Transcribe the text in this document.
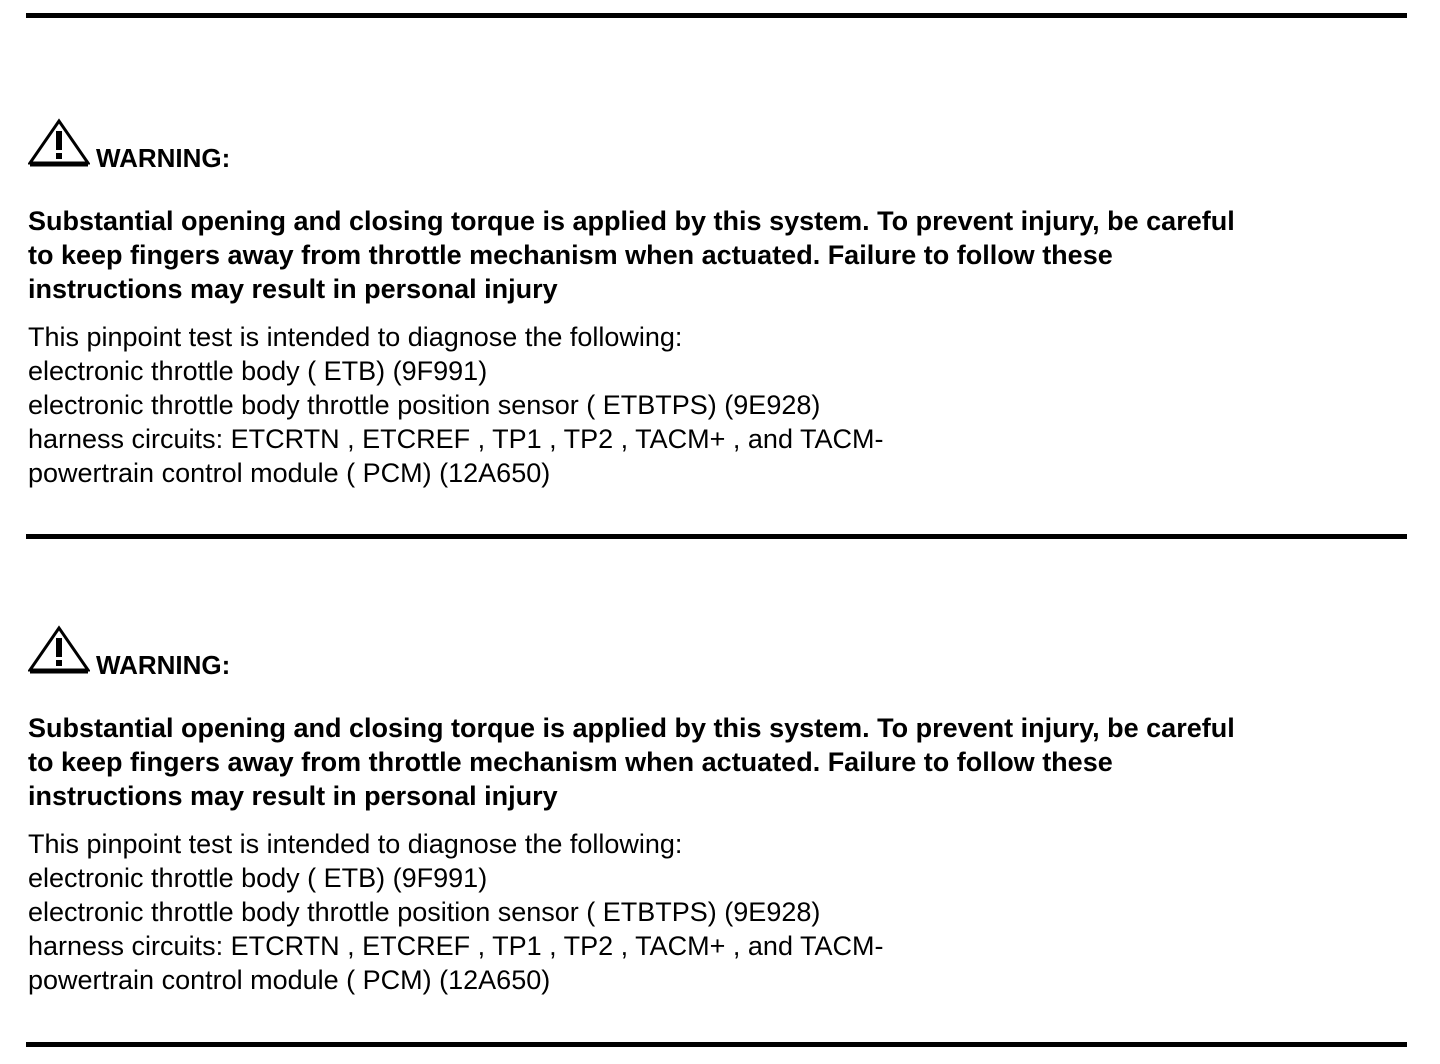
WARNING:
Substantial opening and closing torque is applied by this system. To prevent injury, be careful
to keep fingers away from throttle mechanism when actuated. Failure to follow these
instructions may result in personal injury
This pinpoint test is intended to diagnose the following:
electronic throttle body ( ETB) (9F991)
electronic throttle body throttle position sensor ( ETBTPS) (9E928)
harness circuits: ETCRTN , ETCREF , TP1 , TP2 , TACM+ , and TACM-
powertrain control module ( PCM) (12A650)
WARNING:
Substantial opening and closing torque is applied by this system. To prevent injury, be careful
to keep fingers away from throttle mechanism when actuated. Failure to follow these
instructions may result in personal injury
This pinpoint test is intended to diagnose the following:
electronic throttle body ( ETB) (9F991)
electronic throttle body throttle position sensor ( ETBTPS) (9E928)
harness circuits: ETCRTN , ETCREF , TP1 , TP2 , TACM+ , and TACM-
powertrain control module ( PCM) (12A650)
